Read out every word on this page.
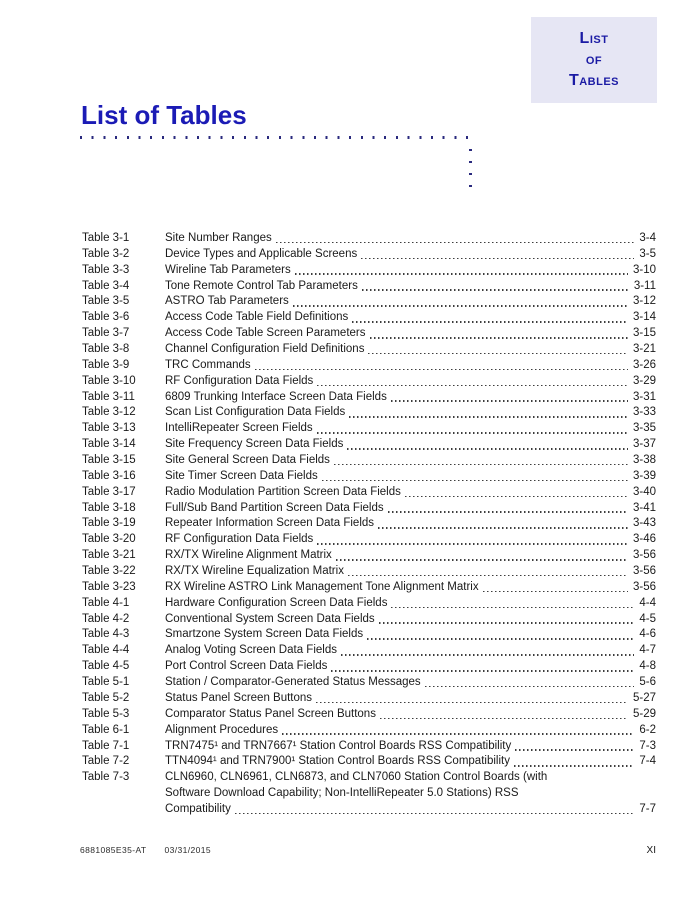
List
of
Tables
List of Tables
Table 3-1	Site Number Ranges	3-4
Table 3-2	Device Types and Applicable Screens	3-5
Table 3-3	Wireline Tab Parameters	3-10
Table 3-4	Tone Remote Control Tab Parameters	3-11
Table 3-5	ASTRO Tab Parameters	3-12
Table 3-6	Access Code Table Field Definitions	3-14
Table 3-7	Access Code Table Screen Parameters	3-15
Table 3-8	Channel Configuration Field Definitions	3-21
Table 3-9	TRC Commands	3-26
Table 3-10	RF Configuration Data Fields	3-29
Table 3-11	6809 Trunking Interface Screen Data Fields	3-31
Table 3-12	Scan List Configuration Data Fields	3-33
Table 3-13	IntelliRepeater Screen Fields	3-35
Table 3-14	Site Frequency Screen Data Fields	3-37
Table 3-15	Site General Screen Data Fields	3-38
Table 3-16	Site Timer Screen Data Fields	3-39
Table 3-17	Radio Modulation Partition Screen Data Fields	3-40
Table 3-18	Full/Sub Band Partition Screen Data Fields	3-41
Table 3-19	Repeater Information Screen Data Fields	3-43
Table 3-20	RF Configuration Data Fields	3-46
Table 3-21	RX/TX Wireline Alignment Matrix	3-56
Table 3-22	RX/TX Wireline Equalization Matrix	3-56
Table 3-23	RX Wireline ASTRO Link Management Tone Alignment Matrix	3-56
Table 4-1	Hardware Configuration Screen Data Fields	4-4
Table 4-2	Conventional System Screen Data Fields	4-5
Table 4-3	Smartzone System Screen Data Fields	4-6
Table 4-4	Analog Voting Screen Data Fields	4-7
Table 4-5	Port Control Screen Data Fields	4-8
Table 5-1	Station / Comparator-Generated Status Messages	5-6
Table 5-2	Status Panel Screen Buttons	5-27
Table 5-3	Comparator Status Panel Screen Buttons	5-29
Table 6-1	Alignment Procedures	6-2
Table 7-1	TRN7475¹ and TRN7667¹ Station Control Boards RSS Compatibility	7-3
Table 7-2	TTN4094¹ and TRN7900¹ Station Control Boards RSS Compatibility	7-4
Table 7-3	CLN6960, CLN6961, CLN6873, and CLN7060 Station Control Boards (with
Software Download Capability; Non-IntelliRepeater 5.0 Stations) RSS
Compatibility	7-7
6881085E35-AT 03/31/2015	XI
